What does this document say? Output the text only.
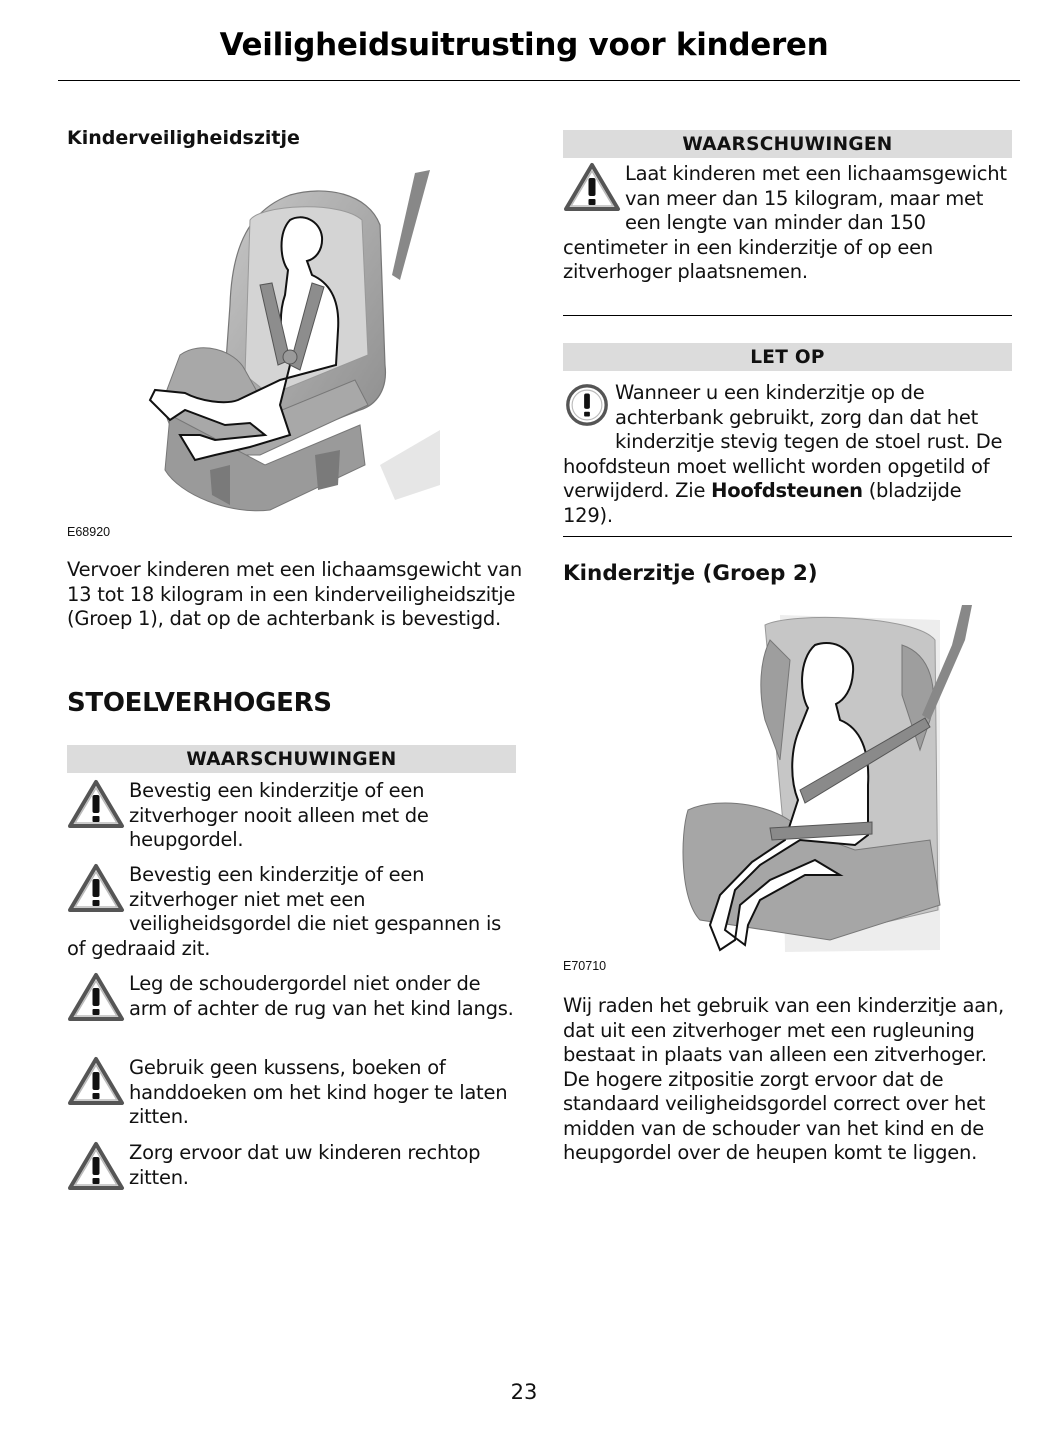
Veiligheidsuitrusting voor kinderen
Kinderveiligheidszitje
E68920
Vervoer kinderen met een lichaamsgewicht van 13 tot 18 kilogram in een kinderveiligheidszitje (Groep 1), dat op de achterbank is bevestigd.
STOELVERHOGERS
WAARSCHUWINGEN
Bevestig een kinderzitje of een zitverhoger nooit alleen met de heupgordel.
Bevestig een kinderzitje of een zitverhoger niet met een veiligheidsgordel die niet gespannen is of gedraaid zit.
Leg de schoudergordel niet onder de arm of achter de rug van het kind langs.
Gebruik geen kussens, boeken of handdoeken om het kind hoger te laten zitten.
Zorg ervoor dat uw kinderen rechtop zitten.
WAARSCHUWINGEN
Laat kinderen met een lichaamsgewicht van meer dan 15 kilogram, maar met een lengte van minder dan 150 centimeter in een kinderzitje of op een zitverhoger plaatsnemen.
LET OP
Wanneer u een kinderzitje op de achterbank gebruikt, zorg dan dat het kinderzitje stevig tegen de stoel rust. De hoofdsteun moet wellicht worden opgetild of verwijderd. Zie Hoofdsteunen (bladzijde 129).
Kinderzitje (Groep 2)
E70710
Wij raden het gebruik van een kinderzitje aan, dat uit een zitverhoger met een rugleuning bestaat in plaats van alleen een zitverhoger. De hogere zitpositie zorgt ervoor dat de standaard veiligheidsgordel correct over het midden van de schouder van het kind en de heupgordel over de heupen komt te liggen.
23
